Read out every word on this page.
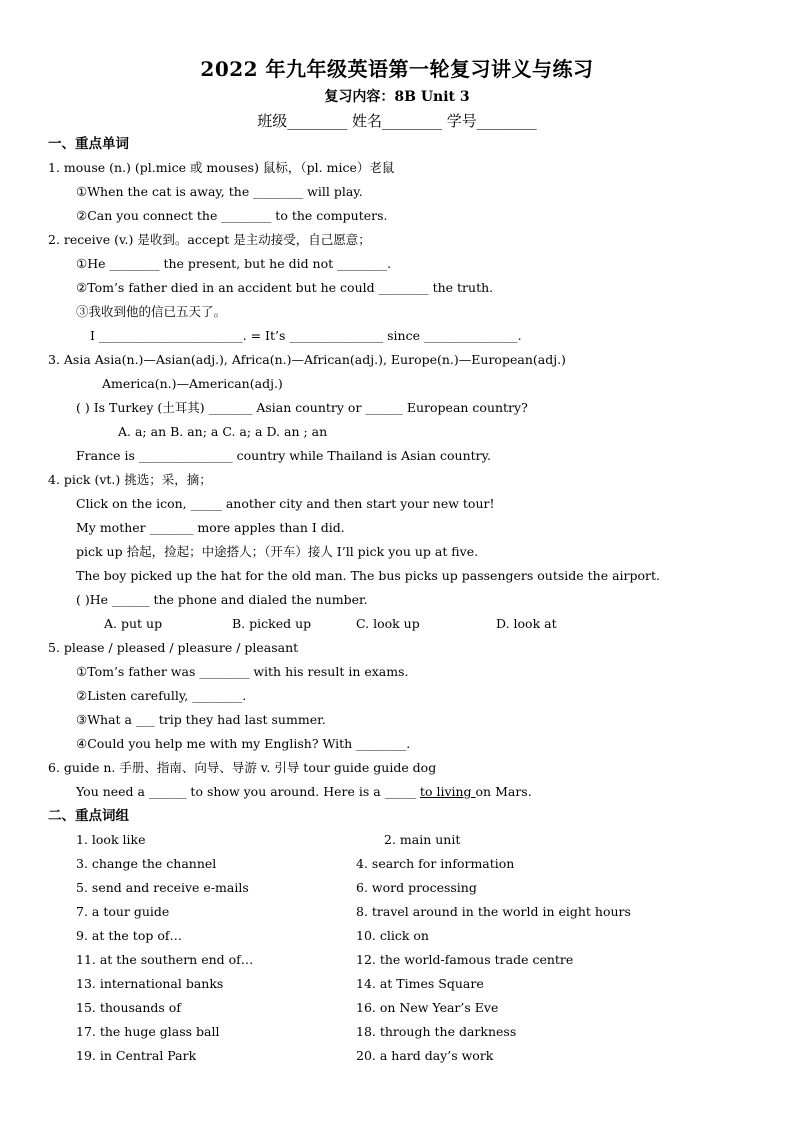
2022 年九年级英语第一轮复习讲义与练习
复习内容：8B Unit 3
班级________ 姓名________ 学号________
一、重点单词
1. mouse (n.) (pl.mice 或 mouses) 鼠标，（pl. mice）老鼠
①When the cat is away, the ________ will play.
②Can you connect the ________ to the computers.
2. receive (v.) 是收到。accept 是主动接受，自己愿意；
①He ________ the present, but he did not ________.
②Tom’s father died in an accident but he could ________ the truth.
③我收到他的信已五天了。
I _______________________. = It’s _______________ since _______________.
3. Asia Asia(n.)—Asian(adj.), Africa(n.)—African(adj.), Europe(n.)—European(adj.)
America(n.)—American(adj.)
( ) Is Turkey (土耳其) _______ Asian country or ______ European country?
A. a; an B. an; a C. a; a D. an ; an
France is _______________ country while Thailand is Asian country.
4. pick (vt.) 挑选；采，摘；
Click on the icon, _____ another city and then start your new tour!
My mother _______ more apples than I did.
pick up 拾起，捡起；中途搭人；（开车）接人 I’ll pick you up at five.
The boy picked up the hat for the old man. The bus picks up passengers outside the airport.
( )He ______ the phone and dialed the number.
A. put up	B. picked up	C. look up	D. look at
5. please / pleased / pleasure / pleasant
①Tom’s father was ________ with his result in exams.
②Listen carefully, ________.
③What a ___ trip they had last summer.
④Could you help me with my English? With ________.
6. guide n. 手册、指南、向导、导游 v. 引导 tour guide guide dog
You need a ______ to show you around. Here is a _____ to living on Mars.
二、重点词组
1. look like	2. main unit
3. change the channel	4. search for information
5. send and receive e-mails	6. word processing
7. a tour guide	8. travel around in the world in eight hours
9. at the top of…	10. click on
11. at the southern end of…	12. the world-famous trade centre
13. international banks	14. at Times Square
15. thousands of	16. on New Year’s Eve
17. the huge glass ball	18. through the darkness
19. in Central Park	20. a hard day’s work
